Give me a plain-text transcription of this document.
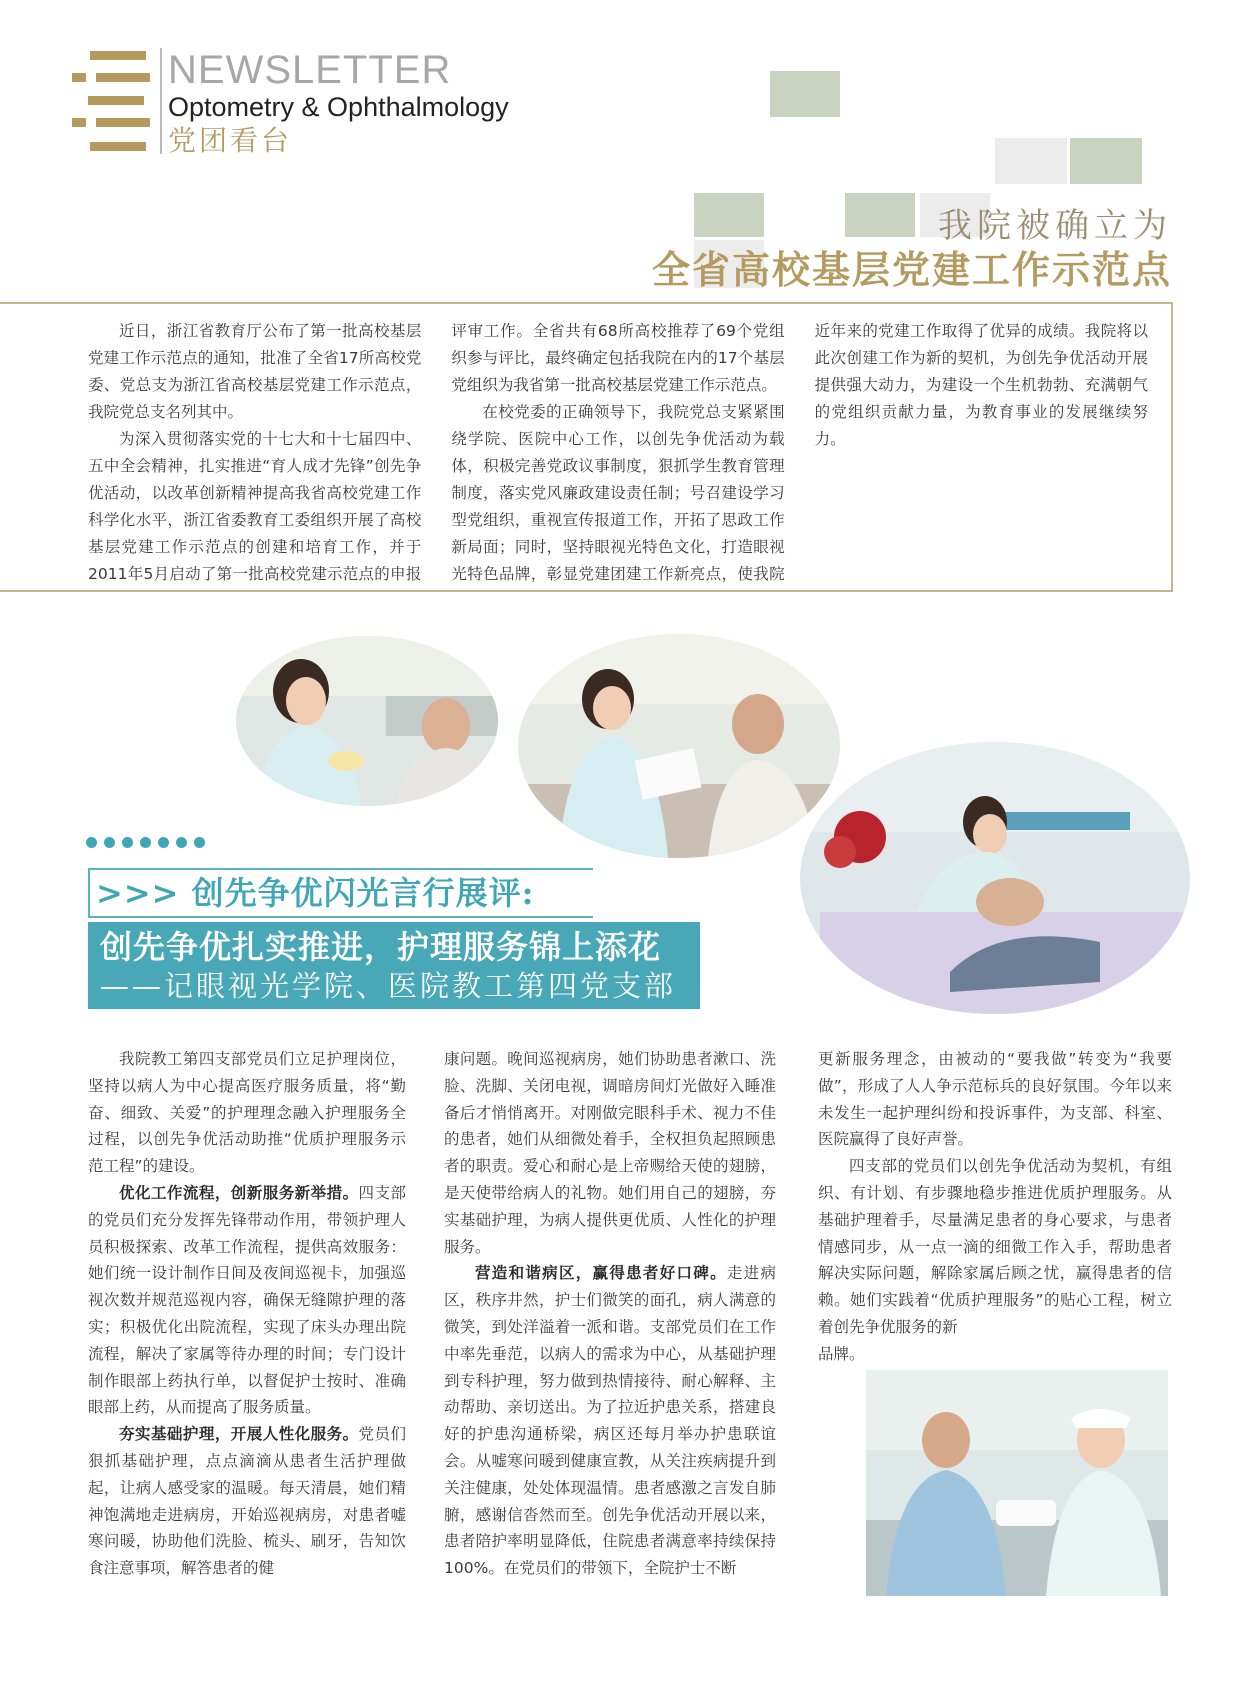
NEWSLETTER
Optometry & Ophthalmology
党团看台
我院被确立为
全省高校基层党建工作示范点

近日，浙江省教育厅公布了第一批高校基层党建工作示范点的通知，批准了全省17所高校党委、党总支为浙江省高校基层党建工作示范点，我院党总支名列其中。

为深入贯彻落实党的十七大和十七届四中、五中全会精神，扎实推进“育人成才先锋”创先争优活动，以改革创新精神提高我省高校党建工作科学化水平，浙江省委教育工委组织开展了高校基层党建工作示范点的创建和培育工作，并于2011年5月启动了第一批高校党建示范点的申报评审工作。全省共有68所高校推荐了69个党组织参与评比，最终确定包括我院在内的17个基层党组织为我省第一批高校基层党建工作示范点。

在校党委的正确领导下，我院党总支紧紧围绕学院、医院中心工作，以创先争优活动为载体，积极完善党政议事制度，狠抓学生教育管理制度，落实党风廉政建设责任制；号召建设学习型党组织，重视宣传报道工作，开拓了思政工作新局面；同时，坚持眼视光特色文化，打造眼视光特色品牌，彰显党建团建工作新亮点，使我院近年来的党建工作取得了优异的成绩。我院将以此次创建工作为新的契机，为创先争优活动开展提供强大动力，为建设一个生机勃勃、充满朝气的党组织贡献力量，为教育事业的发展继续努力。

>>> 创先争优闪光言行展评:
创先争优扎实推进，护理服务锦上添花
——记眼视光学院、医院教工第四党支部

我院教工第四支部党员们立足护理岗位，坚持以病人为中心提高医疗服务质量，将“勤奋、细致、关爱”的护理理念融入护理服务全过程，以创先争优活动助推“优质护理服务示范工程”的建设。

优化工作流程，创新服务新举措。四支部的党员们充分发挥先锋带动作用，带领护理人员积极探索、改革工作流程，提供高效服务：她们统一设计制作日间及夜间巡视卡，加强巡视次数并规范巡视内容，确保无缝隙护理的落实；积极优化出院流程，实现了床头办理出院流程，解决了家属等待办理的时间；专门设计制作眼部上药执行单，以督促护士按时、准确眼部上药，从而提高了服务质量。

夯实基础护理，开展人性化服务。党员们狠抓基础护理，点点滴滴从患者生活护理做起，让病人感受家的温暖。每天清晨，她们精神饱满地走进病房，开始巡视病房，对患者嘘寒问暖，协助他们洗脸、梳头、刷牙，告知饮食注意事项，解答患者的健

康问题。晚间巡视病房，她们协助患者漱口、洗脸、洗脚、关闭电视，调暗房间灯光做好入睡准备后才悄悄离开。对刚做完眼科手术、视力不佳的患者，她们从细微处着手，全权担负起照顾患者的职责。爱心和耐心是上帝赐给天使的翅膀，是天使带给病人的礼物。她们用自己的翅膀，夯实基础护理，为病人提供更优质、人性化的护理服务。

营造和谐病区，赢得患者好口碑。走进病区，秩序井然，护士们微笑的面孔，病人满意的微笑，到处洋溢着一派和谐。支部党员们在工作中率先垂范，以病人的需求为中心，从基础护理到专科护理，努力做到热情接待、耐心解释、主动帮助、亲切送出。为了拉近护患关系，搭建良好的护患沟通桥梁，病区还每月举办护患联谊会。从嘘寒问暖到健康宣教，从关注疾病提升到关注健康，处处体现温情。患者感激之言发自肺腑，感谢信沓然而至。创先争优活动开展以来，患者陪护率明显降低，住院患者满意率持续保持100%。在党员们的带领下，全院护士不断

更新服务理念，由被动的“要我做”转变为“我要做”，形成了人人争示范标兵的良好氛围。今年以来未发生一起护理纠纷和投诉事件，为支部、科室、医院赢得了良好声誉。

四支部的党员们以创先争优活动为契机，有组织、有计划、有步骤地稳步推进优质护理服务。从基础护理着手，尽量满足患者的身心要求，与患者情感同步，从一点一滴的细微工作入手，帮助患者解决实际问题，解除家属后顾之忧，赢得患者的信赖。她们实践着“优质护理服务”的贴心工程，树立着创先争优服务的新

品牌。
